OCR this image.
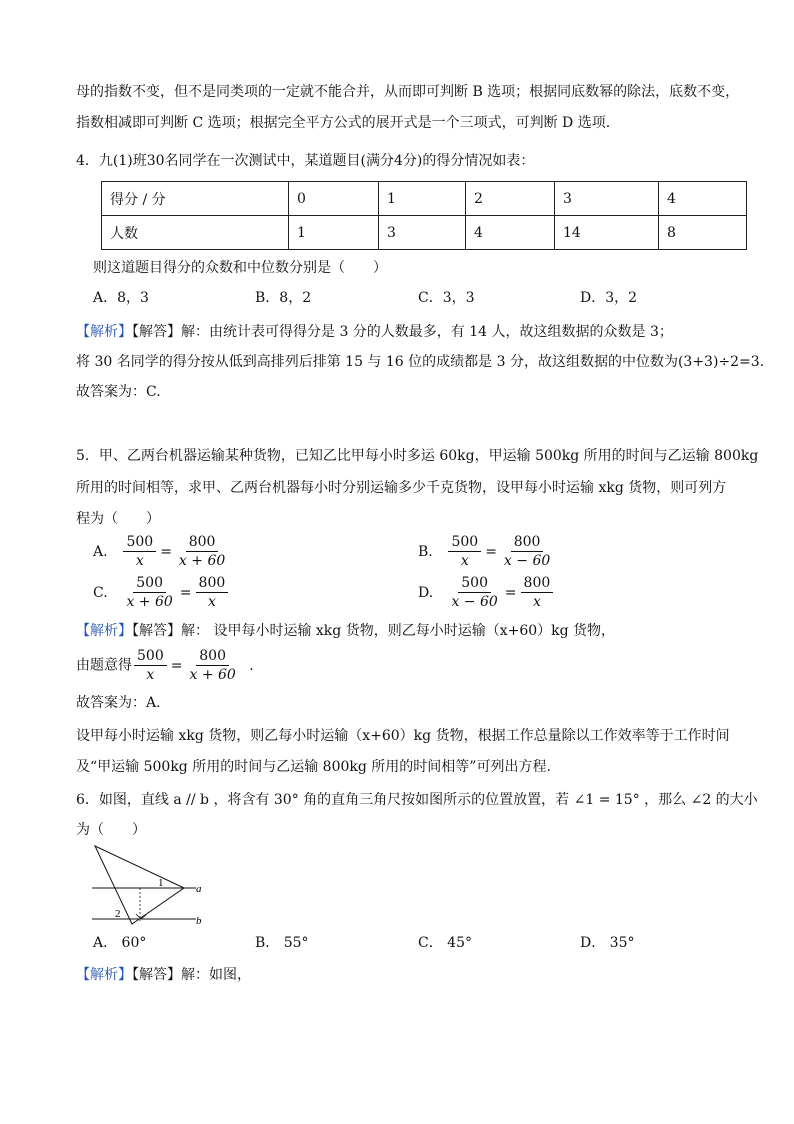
母的指数不变，但不是同类项的一定就不能合并，从而即可判断 B 选项；根据同底数幂的除法，底数不变，
指数相减即可判断 C 选项；根据完全平方公式的展开式是一个三项式，可判断 D 选项.
4．九(1)班30名同学在一次测试中，某道题目(满分4分)的得分情况如表：
得分 / 分	0	1	2	3	4
人数	1	3	4	14	8
则这道题目得分的众数和中位数分别是（　　）
A．8，3	B．8，2	C．3，3	D．3，2
【解析】【解答】解：由统计表可得得分是 3 分的人数最多，有 14 人，故这组数据的众数是 3；
将 30 名同学的得分按从低到高排列后排第 15 与 16 位的成绩都是 3 分，故这组数据的中位数为(3+3)÷2=3.
故答案为：C.
5．甲、乙两台机器运输某种货物，已知乙比甲每小时多运 60kg，甲运输 500kg 所用的时间与乙运输 800kg
所用的时间相等，求甲、乙两台机器每小时分别运输多少千克货物，设甲每小时运输 xkg 货物，则可列方
程为（　　）
A. $\frac{500}{x} = \frac{800}{x + 60}$	B. $\frac{500}{x} = \frac{800}{x - 60}$
C. $\frac{500}{x + 60} = \frac{800}{x}$	D. $\frac{500}{x - 60} = \frac{800}{x}$
【解析】【解答】解： 设甲每小时运输 xkg 货物，则乙每小时运输（x+60）kg 货物，
由题意得 $\frac{500}{x} = \frac{800}{x + 60}$ .
故答案为：A.
设甲每小时运输 xkg 货物，则乙每小时运输（x+60）kg 货物，根据工作总量除以工作效率等于工作时间
及“甲运输 500kg 所用的时间与乙运输 800kg 所用的时间相等”可列出方程.
6．如图，直线 a // b ，将含有 30° 角的直角三角尺按如图所示的位置放置，若 ∠1 = 15° ，那么 ∠2 的大小
为（　　）
a
b
1
2
A． 60°	B． 55°	C． 45°	D． 35°
【解析】【解答】解：如图，
